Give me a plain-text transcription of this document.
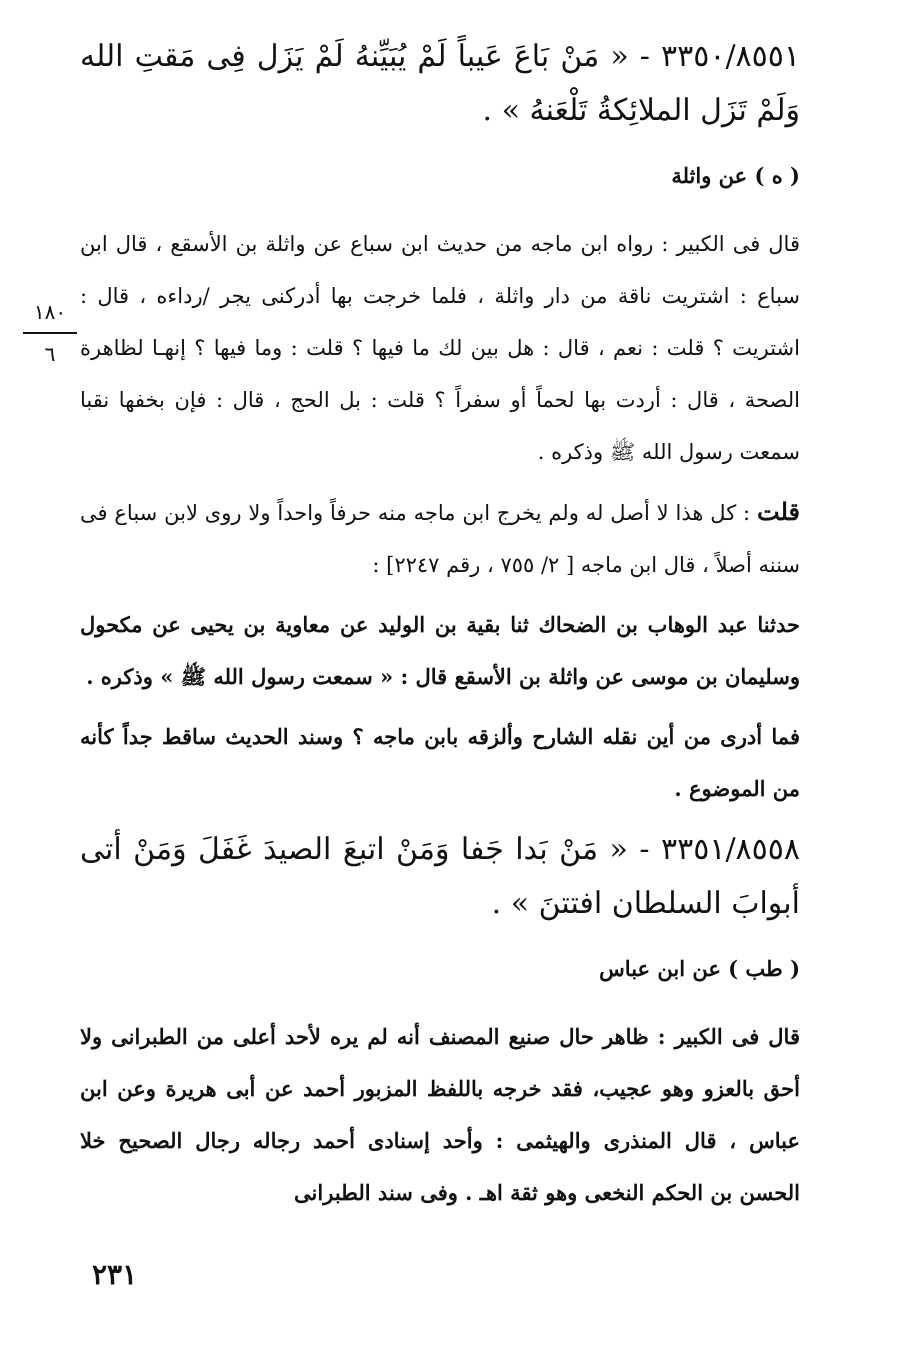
١٨٠
٦

٣٣٥٠/٨٥٥١ - « مَنْ بَاعَ عَيباً لَمْ يُبَيِّنهُ لَمْ يَزَل فِى مَقتِ الله وَلَمْ تَزَل الملائِكةُ تَلْعَنهُ » .

( ه ) عن واثلة

قال فى الكبير : رواه ابن ماجه من حديث ابن سباع عن واثلة بن الأسقع ، قال ابن سباع : اشتريت ناقة من دار واثلة ، فلما خرجت بها أدركنى يجر /رداءه ، قال : اشتريت ؟ قلت : نعم ، قال : هل بين لك ما فيها ؟ قلت : وما فيها ؟ إنهـا لظاهرة الصحة ، قال : أردت بها لحماً أو سفراً ؟ قلت : بل الحج ، قال : فإن بخفها نقبا سمعت رسول الله ﷺ وذكره .

قلت : كل هذا لا أصل له ولم يخرج ابن ماجه منه حرفاً واحداً ولا روى لابن سباع فى سننه أصلاً ، قال ابن ماجه [ ٢/ ٧٥٥ ، رقم ٢٢٤٧] :

حدثنا عبد الوهاب بن الضحاك ثنا بقية بن الوليد عن معاوية بن يحيى عن مكحول وسليمان بن موسى عن واثلة بن الأسقع قال : « سمعت رسول الله ﷺ » وذكره .

فما أدرى من أين نقله الشارح وألزقه بابن ماجه ؟ وسند الحديث ساقط جداً كأنه من الموضوع .

٣٣٥١/٨٥٥٨ - « مَنْ بَدا جَفا وَمَنْ اتبعَ الصيدَ غَفَلَ وَمَنْ أتى أبوابَ السلطان افتتنَ » .

( طب ) عن ابن عباس

قال فى الكبير : ظاهر حال صنيع المصنف أنه لم يره لأحد أعلى من الطبرانى ولا أحق بالعزو وهو عجيب، فقد خرجه باللفظ المزبور أحمد عن أبى هريرة وعن ابن عباس ، قال المنذرى والهيثمى : وأحد إسنادى أحمد رجاله رجال الصحيح خلا الحسن بن الحكم النخعى وهو ثقة اهـ . وفى سند الطبرانى

٢٣١
